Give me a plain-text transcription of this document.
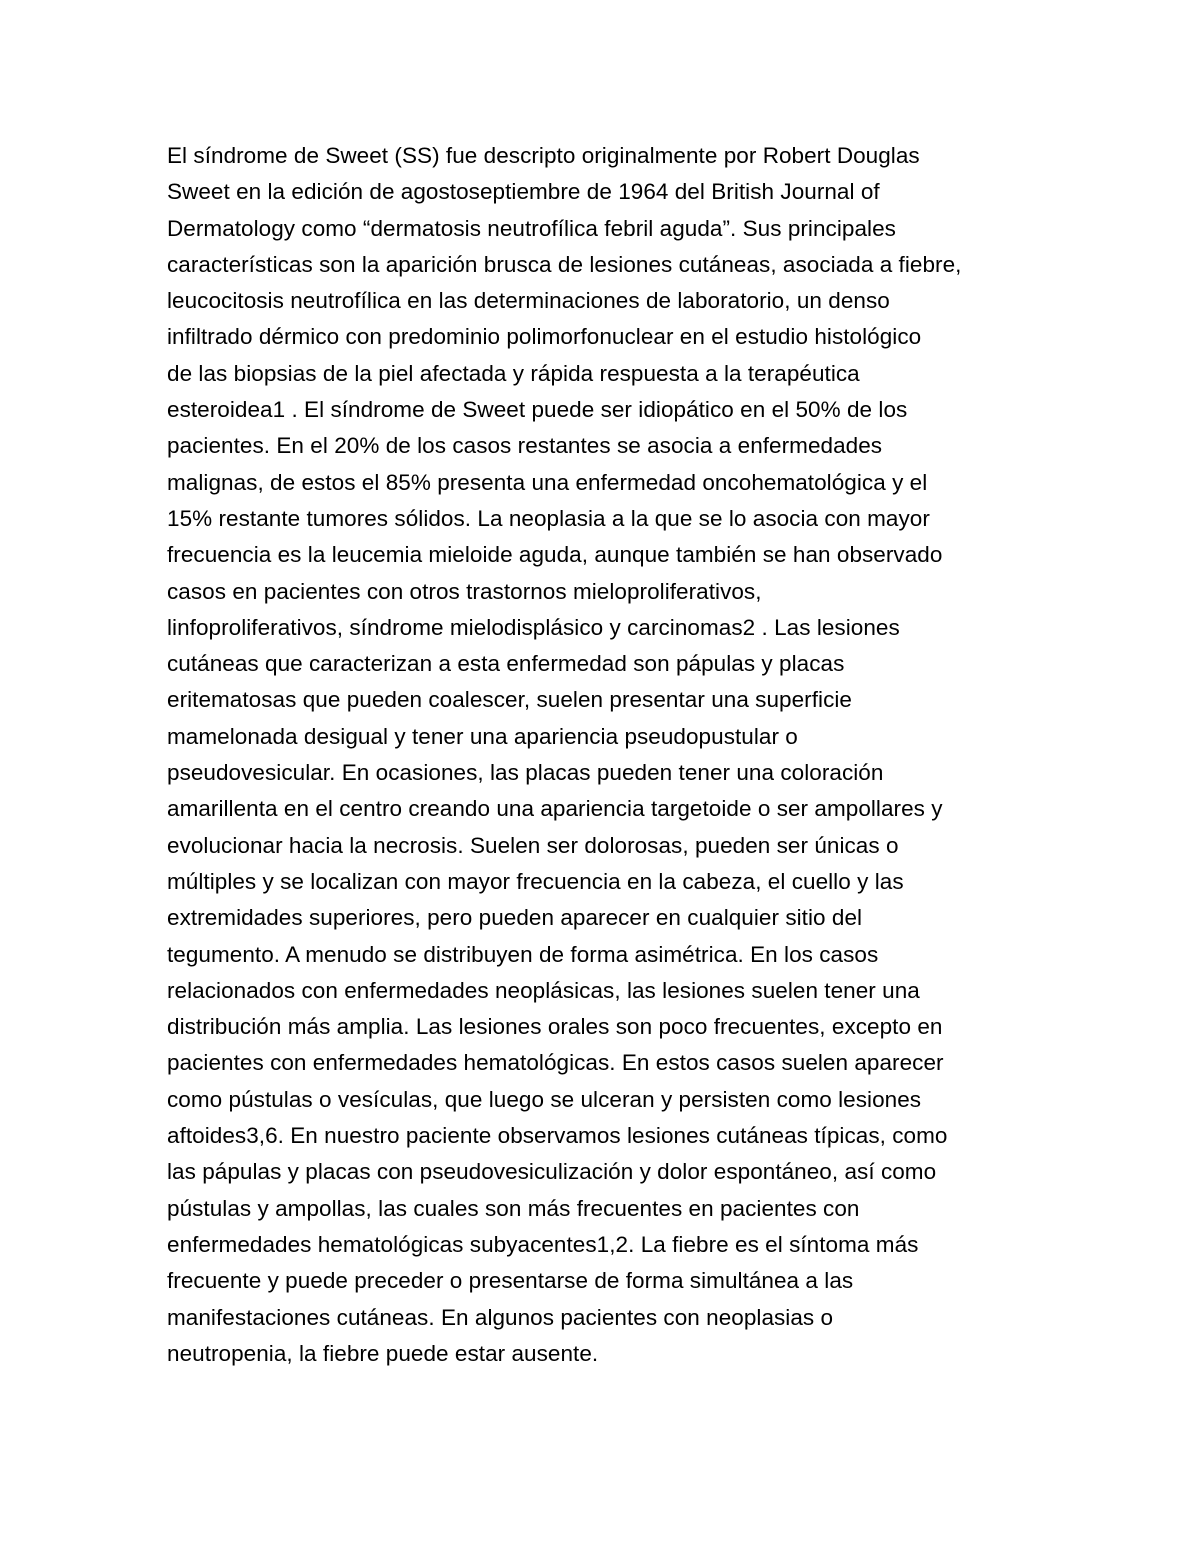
El síndrome de Sweet (SS) fue descripto originalmente por Robert Douglas
Sweet en la edición de agostoseptiembre de 1964 del British Journal of
Dermatology como “dermatosis neutrofílica febril aguda”. Sus principales
características son la aparición brusca de lesiones cutáneas, asociada a fiebre,
leucocitosis neutrofílica en las determinaciones de laboratorio, un denso
infiltrado dérmico con predominio polimorfonuclear en el estudio histológico
de las biopsias de la piel afectada y rápida respuesta a la terapéutica
esteroidea1 . El síndrome de Sweet puede ser idiopático en el 50% de los
pacientes. En el 20% de los casos restantes se asocia a enfermedades
malignas, de estos el 85% presenta una enfermedad oncohematológica y el
15% restante tumores sólidos. La neoplasia a la que se lo asocia con mayor
frecuencia es la leucemia mieloide aguda, aunque también se han observado
casos en pacientes con otros trastornos mieloproliferativos,
linfoproliferativos, síndrome mielodisplásico y carcinomas2 . Las lesiones
cutáneas que caracterizan a esta enfermedad son pápulas y placas
eritematosas que pueden coalescer, suelen presentar una superficie
mamelonada desigual y tener una apariencia pseudopustular o
pseudovesicular. En ocasiones, las placas pueden tener una coloración
amarillenta en el centro creando una apariencia targetoide o ser ampollares y
evolucionar hacia la necrosis. Suelen ser dolorosas, pueden ser únicas o
múltiples y se localizan con mayor frecuencia en la cabeza, el cuello y las
extremidades superiores, pero pueden aparecer en cualquier sitio del
tegumento. A menudo se distribuyen de forma asimétrica. En los casos
relacionados con enfermedades neoplásicas, las lesiones suelen tener una
distribución más amplia. Las lesiones orales son poco frecuentes, excepto en
pacientes con enfermedades hematológicas. En estos casos suelen aparecer
como pústulas o vesículas, que luego se ulceran y persisten como lesiones
aftoides3,6. En nuestro paciente observamos lesiones cutáneas típicas, como
las pápulas y placas con pseudovesiculización y dolor espontáneo, así como
pústulas y ampollas, las cuales son más frecuentes en pacientes con
enfermedades hematológicas subyacentes1,2. La fiebre es el síntoma más
frecuente y puede preceder o presentarse de forma simultánea a las
manifestaciones cutáneas. En algunos pacientes con neoplasias o
neutropenia, la fiebre puede estar ausente.
